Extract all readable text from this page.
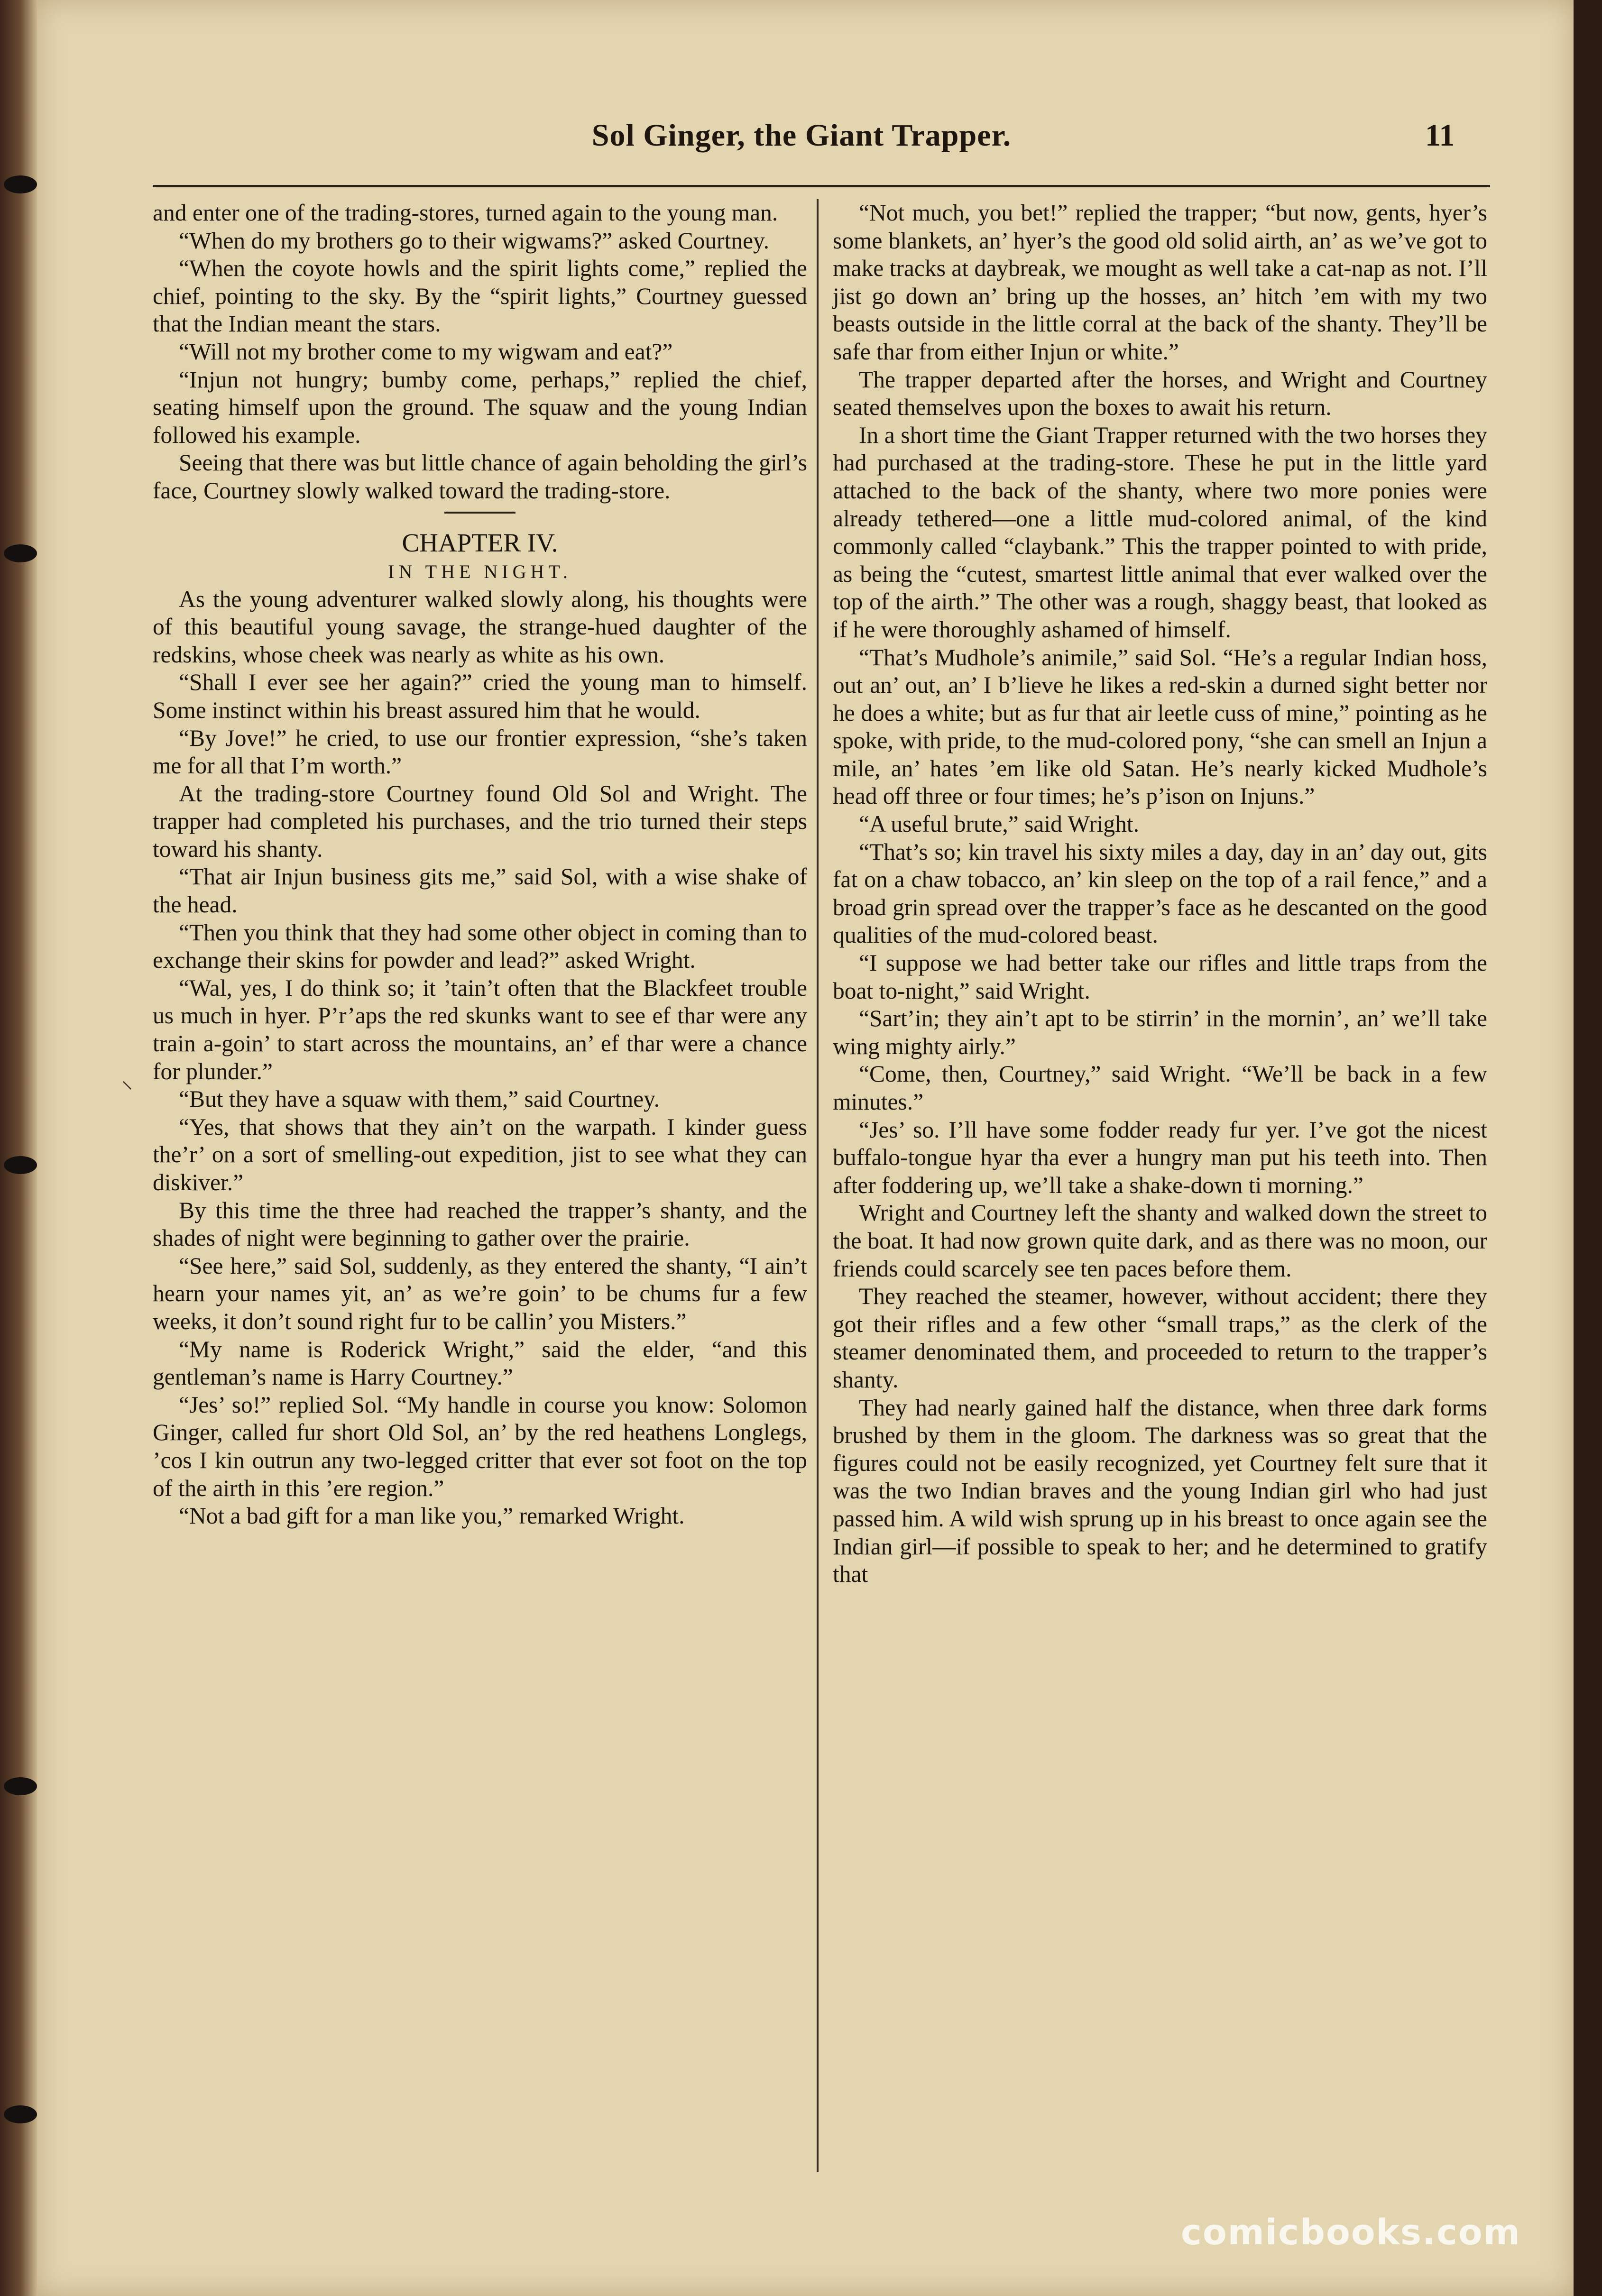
Sol Ginger, the Giant Trapper.	11
⸜

and enter one of the trading-stores, turned again to the young man.

“When do my brothers go to their wigwams?” asked Courtney.

“When the coyote howls and the spirit lights come,” replied the chief, pointing to the sky. By the “spirit lights,” Courtney guessed that the Indian meant the stars.

“Will not my brother come to my wigwam and eat?”

“Injun not hungry; bumby come, perhaps,” replied the chief, seating himself upon the ground. The squaw and the young Indian followed his example.

Seeing that there was but little chance of again beholding the girl’s face, Courtney slowly walked toward the trading-store.

CHAPTER IV.

IN THE NIGHT.

As the young adventurer walked slowly along, his thoughts were of this beautiful young savage, the strange-hued daughter of the redskins, whose cheek was nearly as white as his own.

“Shall I ever see her again?” cried the young man to himself. Some instinct within his breast assured him that he would.

“By Jove!” he cried, to use our frontier expression, “she’s taken me for all that I’m worth.”

At the trading-store Courtney found Old Sol and Wright. The trapper had completed his purchases, and the trio turned their steps toward his shanty.

“That air Injun business gits me,” said Sol, with a wise shake of the head.

“Then you think that they had some other object in coming than to exchange their skins for powder and lead?” asked Wright.

“Wal, yes, I do think so; it ’tain’t often that the Blackfeet trouble us much in hyer. P’r’aps the red skunks want to see ef thar were any train a-goin’ to start across the mountains, an’ ef thar were a chance for plunder.”

“But they have a squaw with them,” said Courtney.

“Yes, that shows that they ain’t on the warpath. I kinder guess the’r’ on a sort of smelling-out expedition, jist to see what they can diskiver.”

By this time the three had reached the trapper’s shanty, and the shades of night were beginning to gather over the prairie.

“See here,” said Sol, suddenly, as they entered the shanty, “I ain’t hearn your names yit, an’ as we’re goin’ to be chums fur a few weeks, it don’t sound right fur to be callin’ you Misters.”

“My name is Roderick Wright,” said the elder, “and this gentleman’s name is Harry Courtney.”

“Jes’ so!” replied Sol. “My handle in course you know: Solomon Ginger, called fur short Old Sol, an’ by the red heathens Longlegs, ’cos I kin outrun any two-legged critter that ever sot foot on the top of the airth in this ’ere region.”

“Not a bad gift for a man like you,” remarked Wright.

“Not much, you bet!” replied the trapper; “but now, gents, hyer’s some blankets, an’ hyer’s the good old solid airth, an’ as we’ve got to make tracks at daybreak, we mought as well take a cat-nap as not. I’ll jist go down an’ bring up the hosses, an’ hitch ’em with my two beasts outside in the little corral at the back of the shanty. They’ll be safe thar from either Injun or white.”

The trapper departed after the horses, and Wright and Courtney seated themselves upon the boxes to await his return.

In a short time the Giant Trapper returned with the two horses they had purchased at the trading-store. These he put in the little yard attached to the back of the shanty, where two more ponies were already tethered—one a little mud-colored animal, of the kind commonly called “claybank.” This the trapper pointed to with pride, as being the “cutest, smartest little animal that ever walked over the top of the airth.” The other was a rough, shaggy beast, that looked as if he were thoroughly ashamed of himself.

“That’s Mudhole’s animile,” said Sol. “He’s a regular Indian hoss, out an’ out, an’ I b’lieve he likes a red-skin a durned sight better nor he does a white; but as fur that air leetle cuss of mine,” pointing as he spoke, with pride, to the mud-colored pony, “she can smell an Injun a mile, an’ hates ’em like old Satan. He’s nearly kicked Mudhole’s head off three or four times; he’s p’ison on Injuns.”

“A useful brute,” said Wright.

“That’s so; kin travel his sixty miles a day, day in an’ day out, gits fat on a chaw tobacco, an’ kin sleep on the top of a rail fence,” and a broad grin spread over the trapper’s face as he descanted on the good qualities of the mud-colored beast.

“I suppose we had better take our rifles and little traps from the boat to-night,” said Wright.

“Sart’in; they ain’t apt to be stirrin’ in the mornin’, an’ we’ll take wing mighty airly.”

“Come, then, Courtney,” said Wright. “We’ll be back in a few minutes.”

“Jes’ so. I’ll have some fodder ready fur yer. I’ve got the nicest buffalo-tongue hyar tha ever a hungry man put his teeth into. Then after foddering up, we’ll take a shake-down ti morning.”

Wright and Courtney left the shanty and walked down the street to the boat. It had now grown quite dark, and as there was no moon, our friends could scarcely see ten paces before them.

They reached the steamer, however, without accident; there they got their rifles and a few other “small traps,” as the clerk of the steamer denominated them, and proceeded to return to the trapper’s shanty.

They had nearly gained half the distance, when three dark forms brushed by them in the gloom. The darkness was so great that the figures could not be easily recognized, yet Courtney felt sure that it was the two Indian braves and the young Indian girl who had just passed him. A wild wish sprung up in his breast to once again see the Indian girl—if possible to speak to her; and he determined to gratify that

comicbooks.com
